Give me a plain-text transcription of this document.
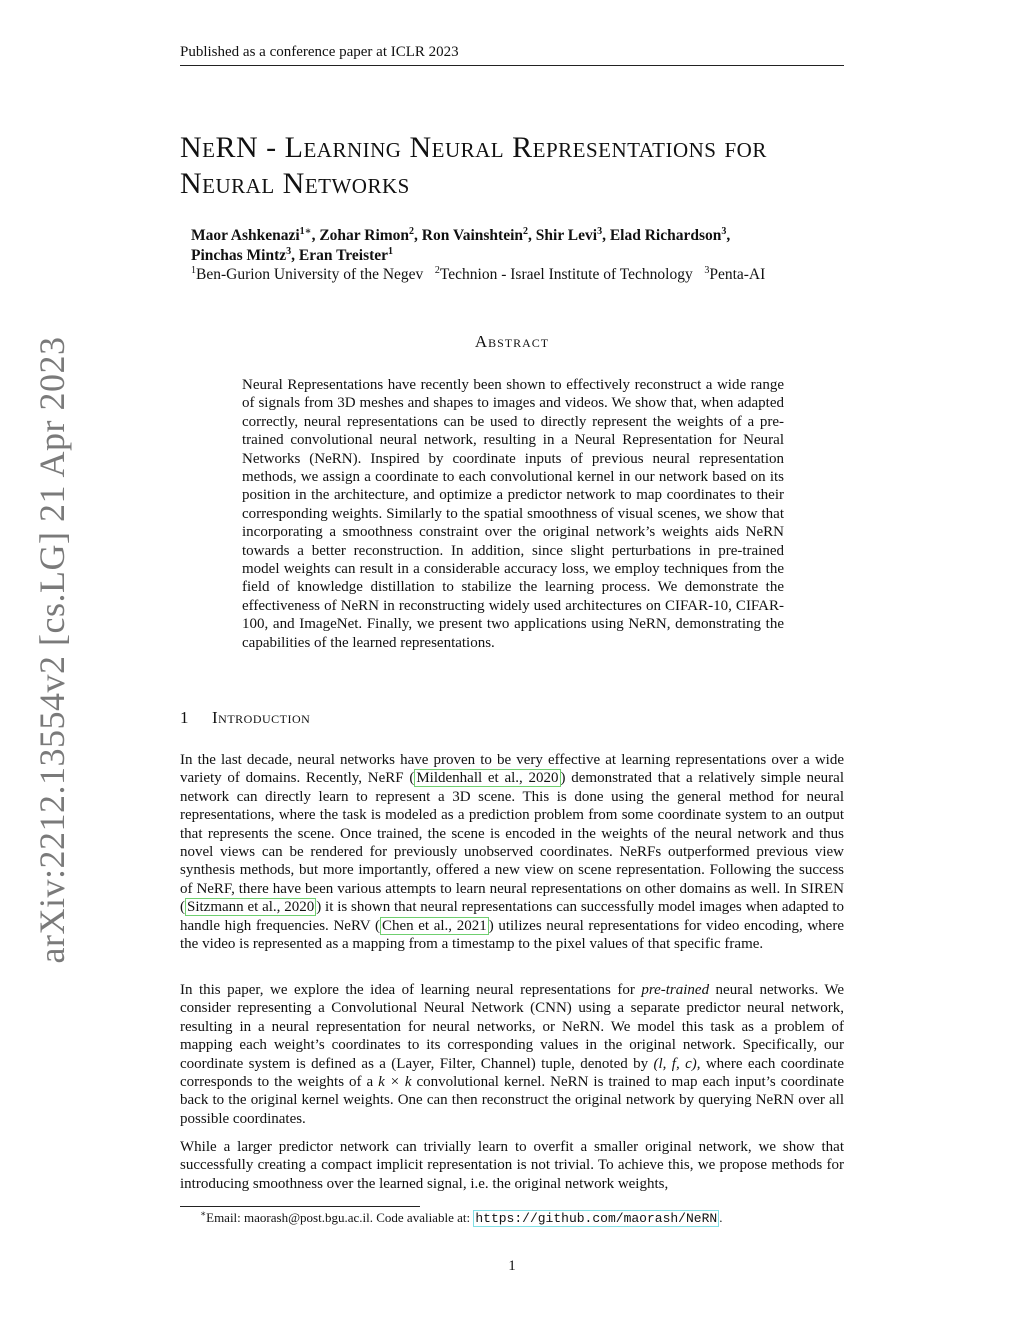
Published as a conference paper at ICLR 2023
arXiv:2212.13554v2 [cs.LG] 21 Apr 2023
NeRN - Learning Neural Representations for
Neural Networks
Maor Ashkenazi$^{1∗}$, Zohar Rimon$^2$, Ron Vainshtein$^2$, Shir Levi$^3$, Elad Richardson$^3$,
Pinchas Mintz$^3$, Eran Treister$^1$
$^1$Ben-Gurion University of the Negev $^2$Technion - Israel Institute of Technology $^3$Penta-AI
Abstract
Neural Representations have recently been shown to effectively reconstruct a wide range of signals from 3D meshes and shapes to images and videos. We show that, when adapted correctly, neural representations can be used to directly represent the weights of a pre-trained convolutional neural network, resulting in a Neural Representation for Neural Networks (NeRN). Inspired by coordinate inputs of previous neural representation methods, we assign a coordinate to each convolutional kernel in our network based on its position in the architecture, and optimize a predictor network to map coordinates to their corresponding weights. Similarly to the spatial smoothness of visual scenes, we show that incorporating a smoothness constraint over the original network’s weights aids NeRN towards a better reconstruction. In addition, since slight perturbations in pre-trained model weights can result in a considerable accuracy loss, we employ techniques from the field of knowledge distillation to stabilize the learning process. We demonstrate the effectiveness of NeRN in reconstructing widely used architectures on CIFAR-10, CIFAR-100, and ImageNet. Finally, we present two applications using NeRN, demonstrating the capabilities of the learned representations.
1 Introduction
In the last decade, neural networks have proven to be very effective at learning representations over a wide variety of domains. Recently, NeRF ( Mildenhall et al., 2020 ) demonstrated that a relatively simple neural network can directly learn to represent a 3D scene. This is done using the general method for neural representations, where the task is modeled as a prediction problem from some coordinate system to an output that represents the scene. Once trained, the scene is encoded in the weights of the neural network and thus novel views can be rendered for previously unobserved coordinates. NeRFs outperformed previous view synthesis methods, but more importantly, offered a new view on scene representation. Following the success of NeRF, there have been various attempts to learn neural representations on other domains as well. In SIREN ( Sitzmann et al., 2020 ) it is shown that neural representations can successfully model images when adapted to handle high frequencies. NeRV ( Chen et al., 2021 ) utilizes neural representations for video encoding, where the video is represented as a mapping from a timestamp to the pixel values of that specific frame.
In this paper, we explore the idea of learning neural representations for pre-trained neural networks. We consider representing a Convolutional Neural Network (CNN) using a separate predictor neural network, resulting in a neural representation for neural networks, or NeRN. We model this task as a problem of mapping each weight’s coordinates to its corresponding values in the original network. Specifically, our coordinate system is defined as a (Layer, Filter, Channel) tuple, denoted by (l, f, c), where each coordinate corresponds to the weights of a k × k convolutional kernel. NeRN is trained to map each input’s coordinate back to the original kernel weights. One can then reconstruct the original network by querying NeRN over all possible coordinates.
While a larger predictor network can trivially learn to overfit a smaller original network, we show that successfully creating a compact implicit representation is not trivial. To achieve this, we propose methods for introducing smoothness over the learned signal, i.e. the original network weights,
∗Email: maorash@post.bgu.ac.il. Code avaliable at: https://github.com/maorash/NeRN .
1
